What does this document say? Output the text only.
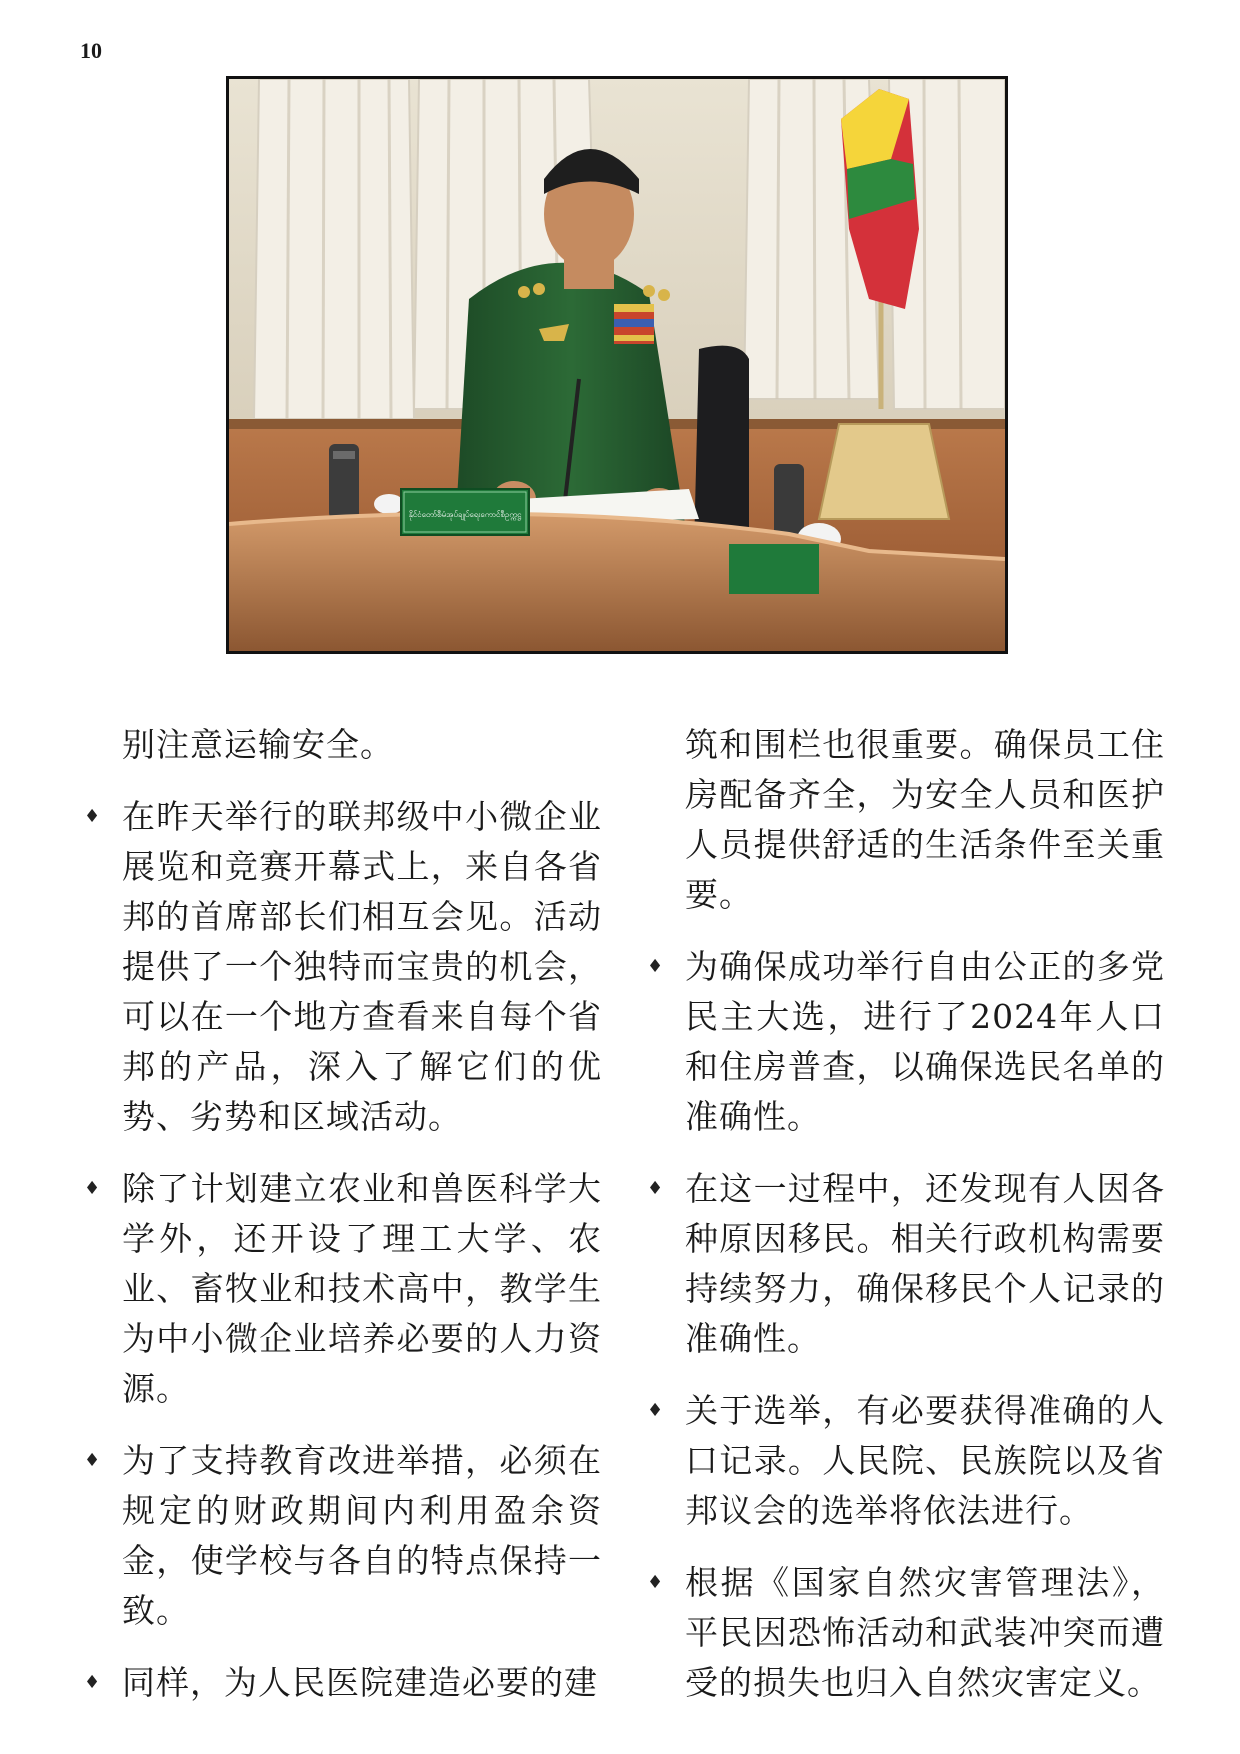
10
နိုင်ငံတော်စီမံအုပ်ချုပ်ရေးကောင်စီဥက္ကဋ္ဌ

别注意运输安全。

♦ 在昨天举行的联邦级中小微企业展览和竞赛开幕式上，来自各省邦的首席部长们相互会见。活动提供了一个独特而宝贵的机会，可以在一个地方查看来自每个省邦的产品，深入了解它们的优势、劣势和区域活动。

♦ 除了计划建立农业和兽医科学大学外，还开设了理工大学、农业、畜牧业和技术高中，教学生为中小微企业培养必要的人力资源。

♦ 为了支持教育改进举措，必须在规定的财政期间内利用盈余资金，使学校与各自的特点保持一致。

♦ 同样，为人民医院建造必要的建

筑和围栏也很重要。确保员工住房配备齐全，为安全人员和医护人员提供舒适的生活条件至关重要。

♦ 为确保成功举行自由公正的多党民主大选，进行了2024年人口和住房普查，以确保选民名单的准确性。

♦ 在这一过程中，还发现有人因各种原因移民。相关行政机构需要持续努力，确保移民个人记录的准确性。

♦ 关于选举，有必要获得准确的人口记录。人民院、民族院以及省邦议会的选举将依法进行。

♦ 根据《国家自然灾害管理法》，平民因恐怖活动和武装冲突而遭受的损失也归入自然灾害定义。
